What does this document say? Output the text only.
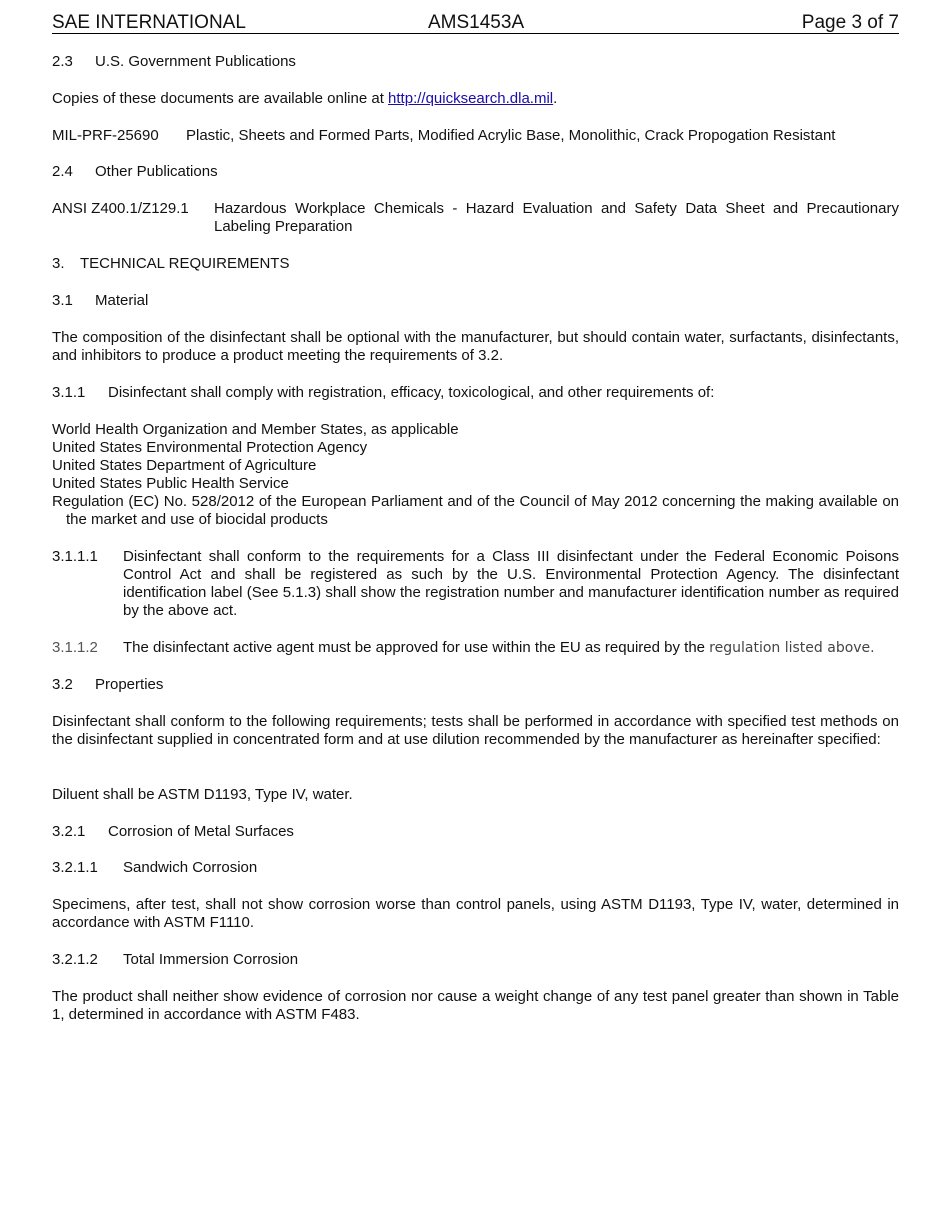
SAE INTERNATIONAL	AMS1453A	Page 3 of 7
2.3 U.S. Government Publications
Copies of these documents are available online at http://quicksearch.dla.mil.
MIL-PRF-25690 Plastic, Sheets and Formed Parts, Modified Acrylic Base, Monolithic, Crack Propogation Resistant
2.4 Other Publications
ANSI Z400.1/Z129.1 Hazardous Workplace Chemicals - Hazard Evaluation and Safety Data Sheet and Precautionary Labeling Preparation
3. TECHNICAL REQUIREMENTS
3.1 Material
The composition of the disinfectant shall be optional with the manufacturer, but should contain water, surfactants, disinfectants, and inhibitors to produce a product meeting the requirements of 3.2.
3.1.1 Disinfectant shall comply with registration, efficacy, toxicological, and other requirements of:
World Health Organization and Member States, as applicable
United States Environmental Protection Agency
United States Department of Agriculture
United States Public Health Service
Regulation (EC) No. 528/2012 of the European Parliament and of the Council of May 2012 concerning the making available on the market and use of biocidal products
3.1.1.1 Disinfectant shall conform to the requirements for a Class III disinfectant under the Federal Economic Poisons Control Act and shall be registered as such by the U.S. Environmental Protection Agency. The disinfectant identification label (See 5.1.3) shall show the registration number and manufacturer identification number as required by the above act.
3.1.1.2 The disinfectant active agent must be approved for use within the EU as required by the regulation listed above.
3.2 Properties
Disinfectant shall conform to the following requirements; tests shall be performed in accordance with specified test methods on the disinfectant supplied in concentrated form and at use dilution recommended by the manufacturer as hereinafter specified:
Diluent shall be ASTM D1193, Type IV, water.
3.2.1 Corrosion of Metal Surfaces
3.2.1.1 Sandwich Corrosion
Specimens, after test, shall not show corrosion worse than control panels, using ASTM D1193, Type IV, water, determined in accordance with ASTM F1110.
3.2.1.2 Total Immersion Corrosion
The product shall neither show evidence of corrosion nor cause a weight change of any test panel greater than shown in Table 1, determined in accordance with ASTM F483.
